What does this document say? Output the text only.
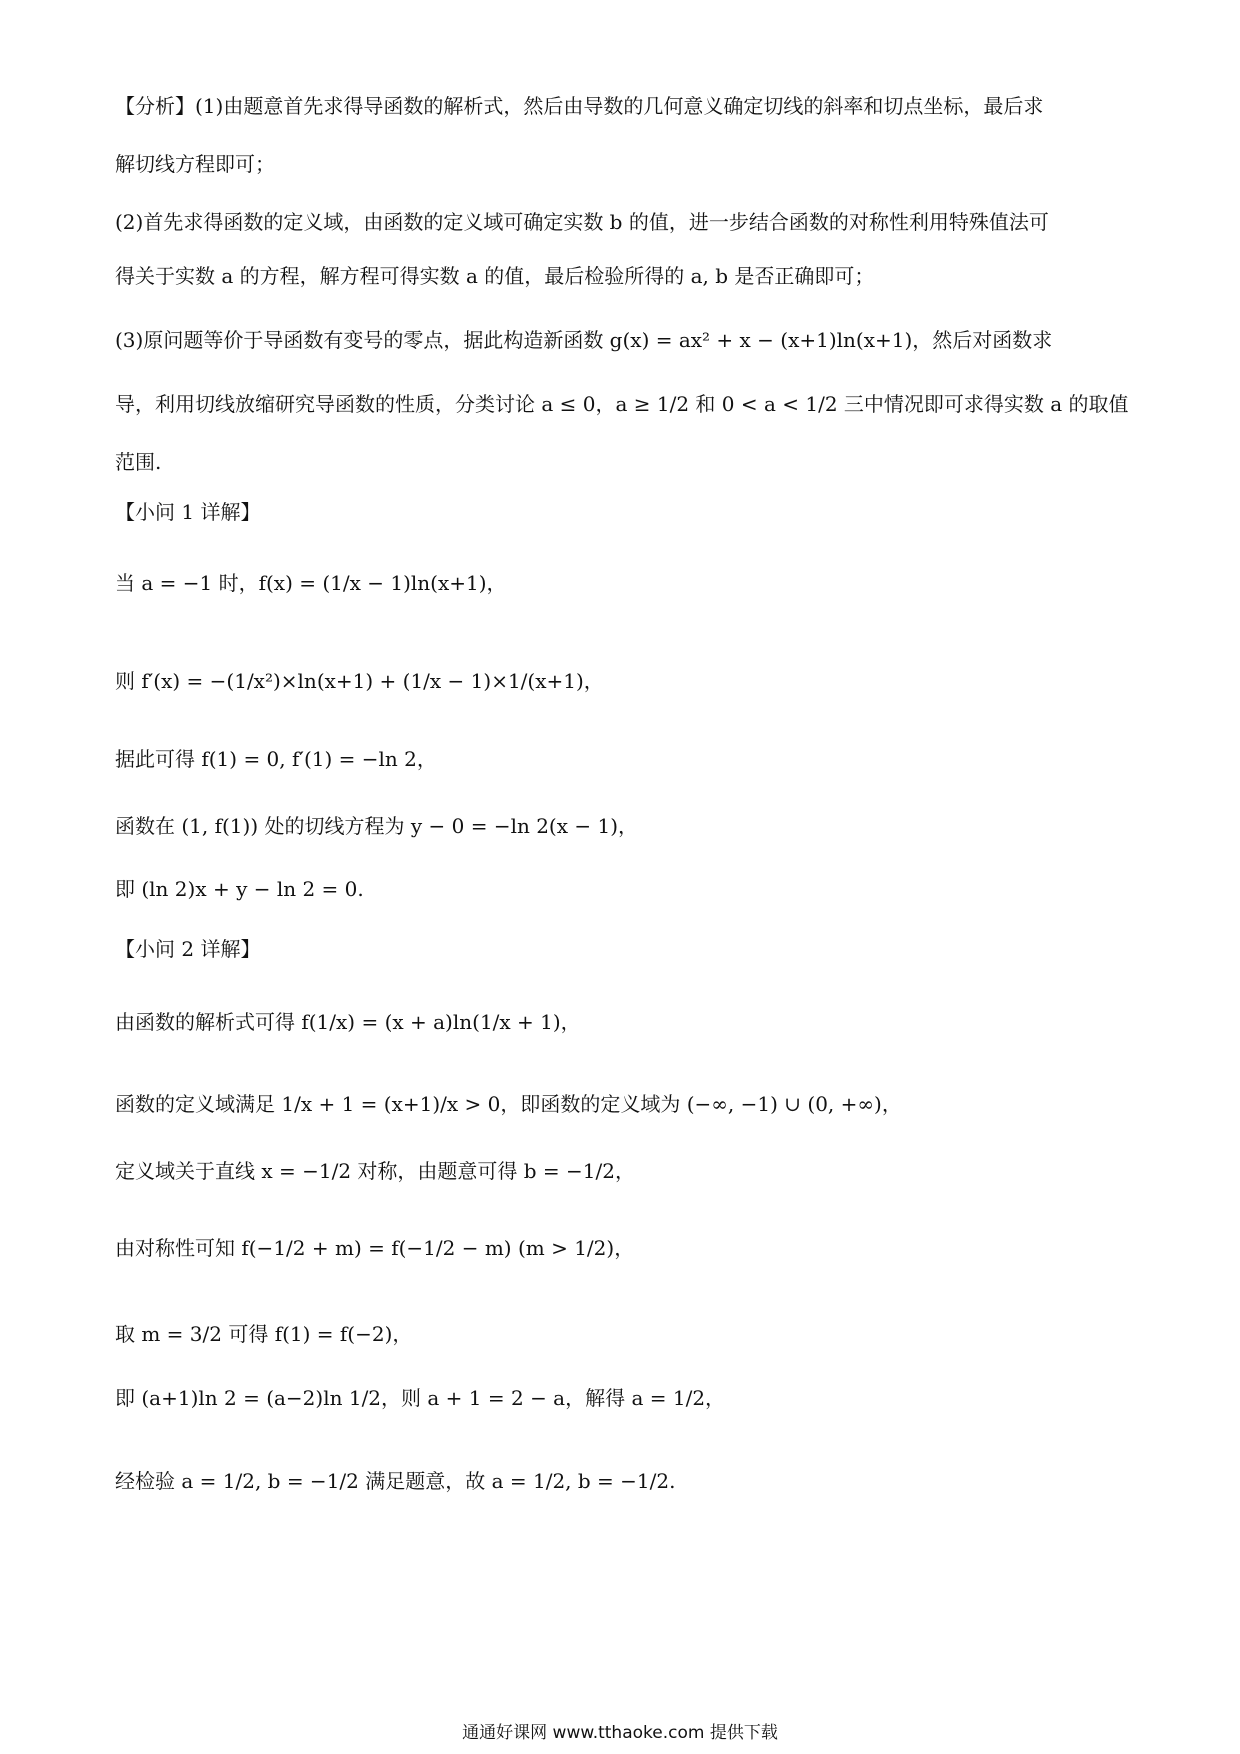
【分析】(1)由题意首先求得导函数的解析式，然后由导数的几何意义确定切线的斜率和切点坐标，最后求
解切线方程即可；
(2)首先求得函数的定义域，由函数的定义域可确定实数 b 的值，进一步结合函数的对称性利用特殊值法可
得关于实数 a 的方程，解方程可得实数 a 的值，最后检验所得的 a, b 是否正确即可；
(3)原问题等价于导函数有变号的零点，据此构造新函数 g(x) = ax² + x − (x+1)ln(x+1)，然后对函数求
导，利用切线放缩研究导函数的性质，分类讨论 a ≤ 0，a ≥ 1/2 和 0 < a < 1/2 三中情况即可求得实数 a 的取值
范围.
【小问 1 详解】
当 a = −1 时，f(x) = (1/x − 1)ln(x+1)，
则 f′(x) = −(1/x²)×ln(x+1) + (1/x − 1)×1/(x+1)，
据此可得 f(1) = 0, f′(1) = −ln 2，
函数在 (1, f(1)) 处的切线方程为 y − 0 = −ln 2(x − 1)，
即 (ln 2)x + y − ln 2 = 0.
【小问 2 详解】
由函数的解析式可得 f(1/x) = (x + a)ln(1/x + 1)，
函数的定义域满足 1/x + 1 = (x+1)/x > 0，即函数的定义域为 (−∞, −1) ∪ (0, +∞)，
定义域关于直线 x = −1/2 对称，由题意可得 b = −1/2，
由对称性可知 f(−1/2 + m) = f(−1/2 − m) (m > 1/2)，
取 m = 3/2 可得 f(1) = f(−2)，
即 (a+1)ln 2 = (a−2)ln 1/2，则 a + 1 = 2 − a，解得 a = 1/2，
经检验 a = 1/2, b = −1/2 满足题意，故 a = 1/2, b = −1/2.
通通好课网 www.tthaoke.com 提供下载
